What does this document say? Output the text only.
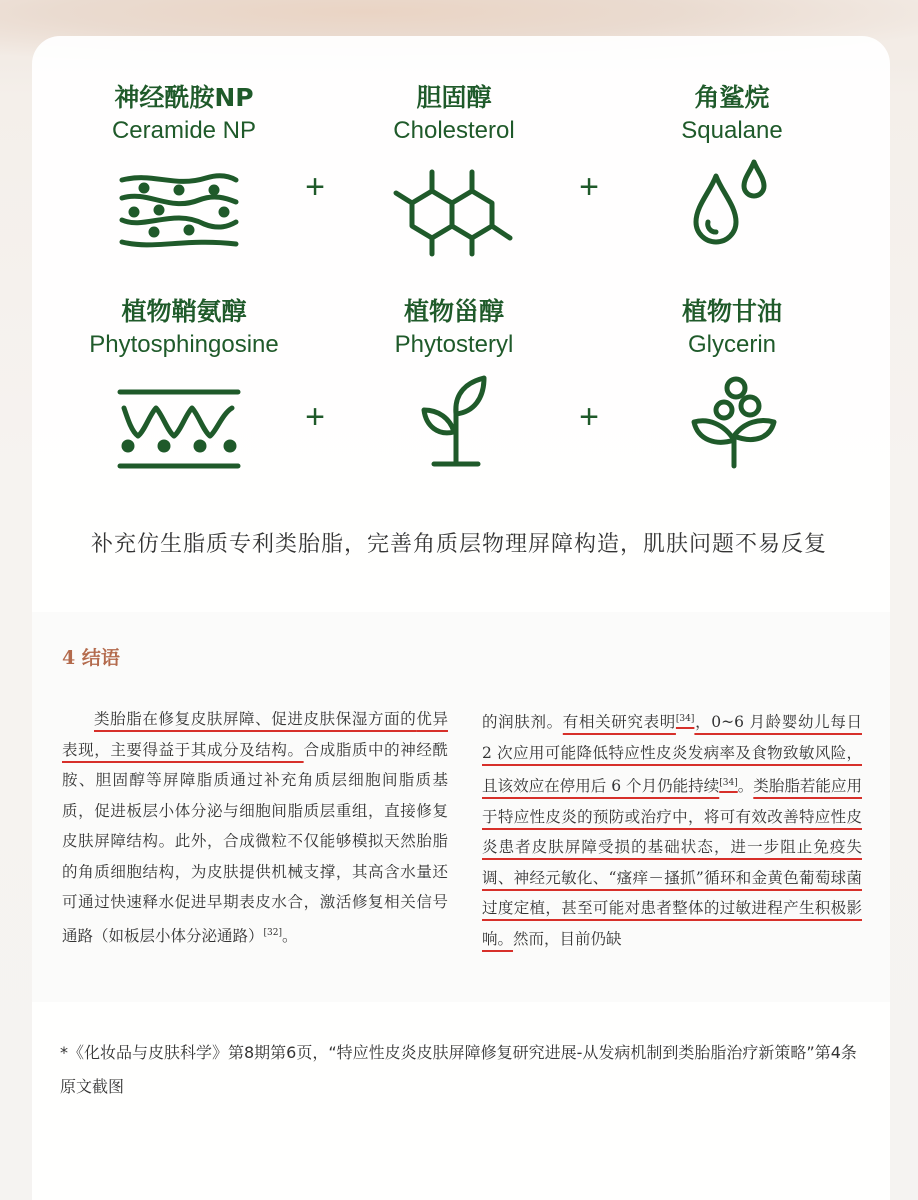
神经酰胺NP
Ceramide NP
胆固醇
Cholesterol
角鲨烷
Squalane
+	+
植物鞘氨醇
Phytosphingosine
植物甾醇
Phytosteryl
植物甘油
Glycerin
+	+
补充仿生脂质专利类胎脂，完善角质层物理屏障构造，肌肤问题不易反复
4 结语

类胎脂在修复皮肤屏障、促进皮肤保湿方面的优异表现，主要得益于其成分及结构。合成脂质中的神经酰胺、胆固醇等屏障脂质通过补充角质层细胞间脂质基质，促进板层小体分泌与细胞间脂质层重组，直接修复皮肤屏障结构。此外，合成微粒不仅能够模拟天然胎脂的角质细胞结构，为皮肤提供机械支撑，其高含水量还可通过快速释水促进早期表皮水合，激活修复相关信号通路（如板层小体分泌通路）[32]。

的润肤剂。有相关研究表明[34]，0~6 月龄婴幼儿每日 2 次应用可能降低特应性皮炎发病率及食物致敏风险，且该效应在停用后 6 个月仍能持续[34]。类胎脂若能应用于特应性皮炎的预防或治疗中，将可有效改善特应性皮炎患者皮肤屏障受损的基础状态，进一步阻止免疫失调、神经元敏化、“瘙痒－搔抓”循环和金黄色葡萄球菌过度定植，甚至可能对患者整体的过敏进程产生积极影响。然而，目前仍缺

*《化妆品与皮肤科学》第8期第6页，“特应性皮炎皮肤屏障修复研究进展-从发病机制到类胎脂治疗新策略”第4条原文截图
